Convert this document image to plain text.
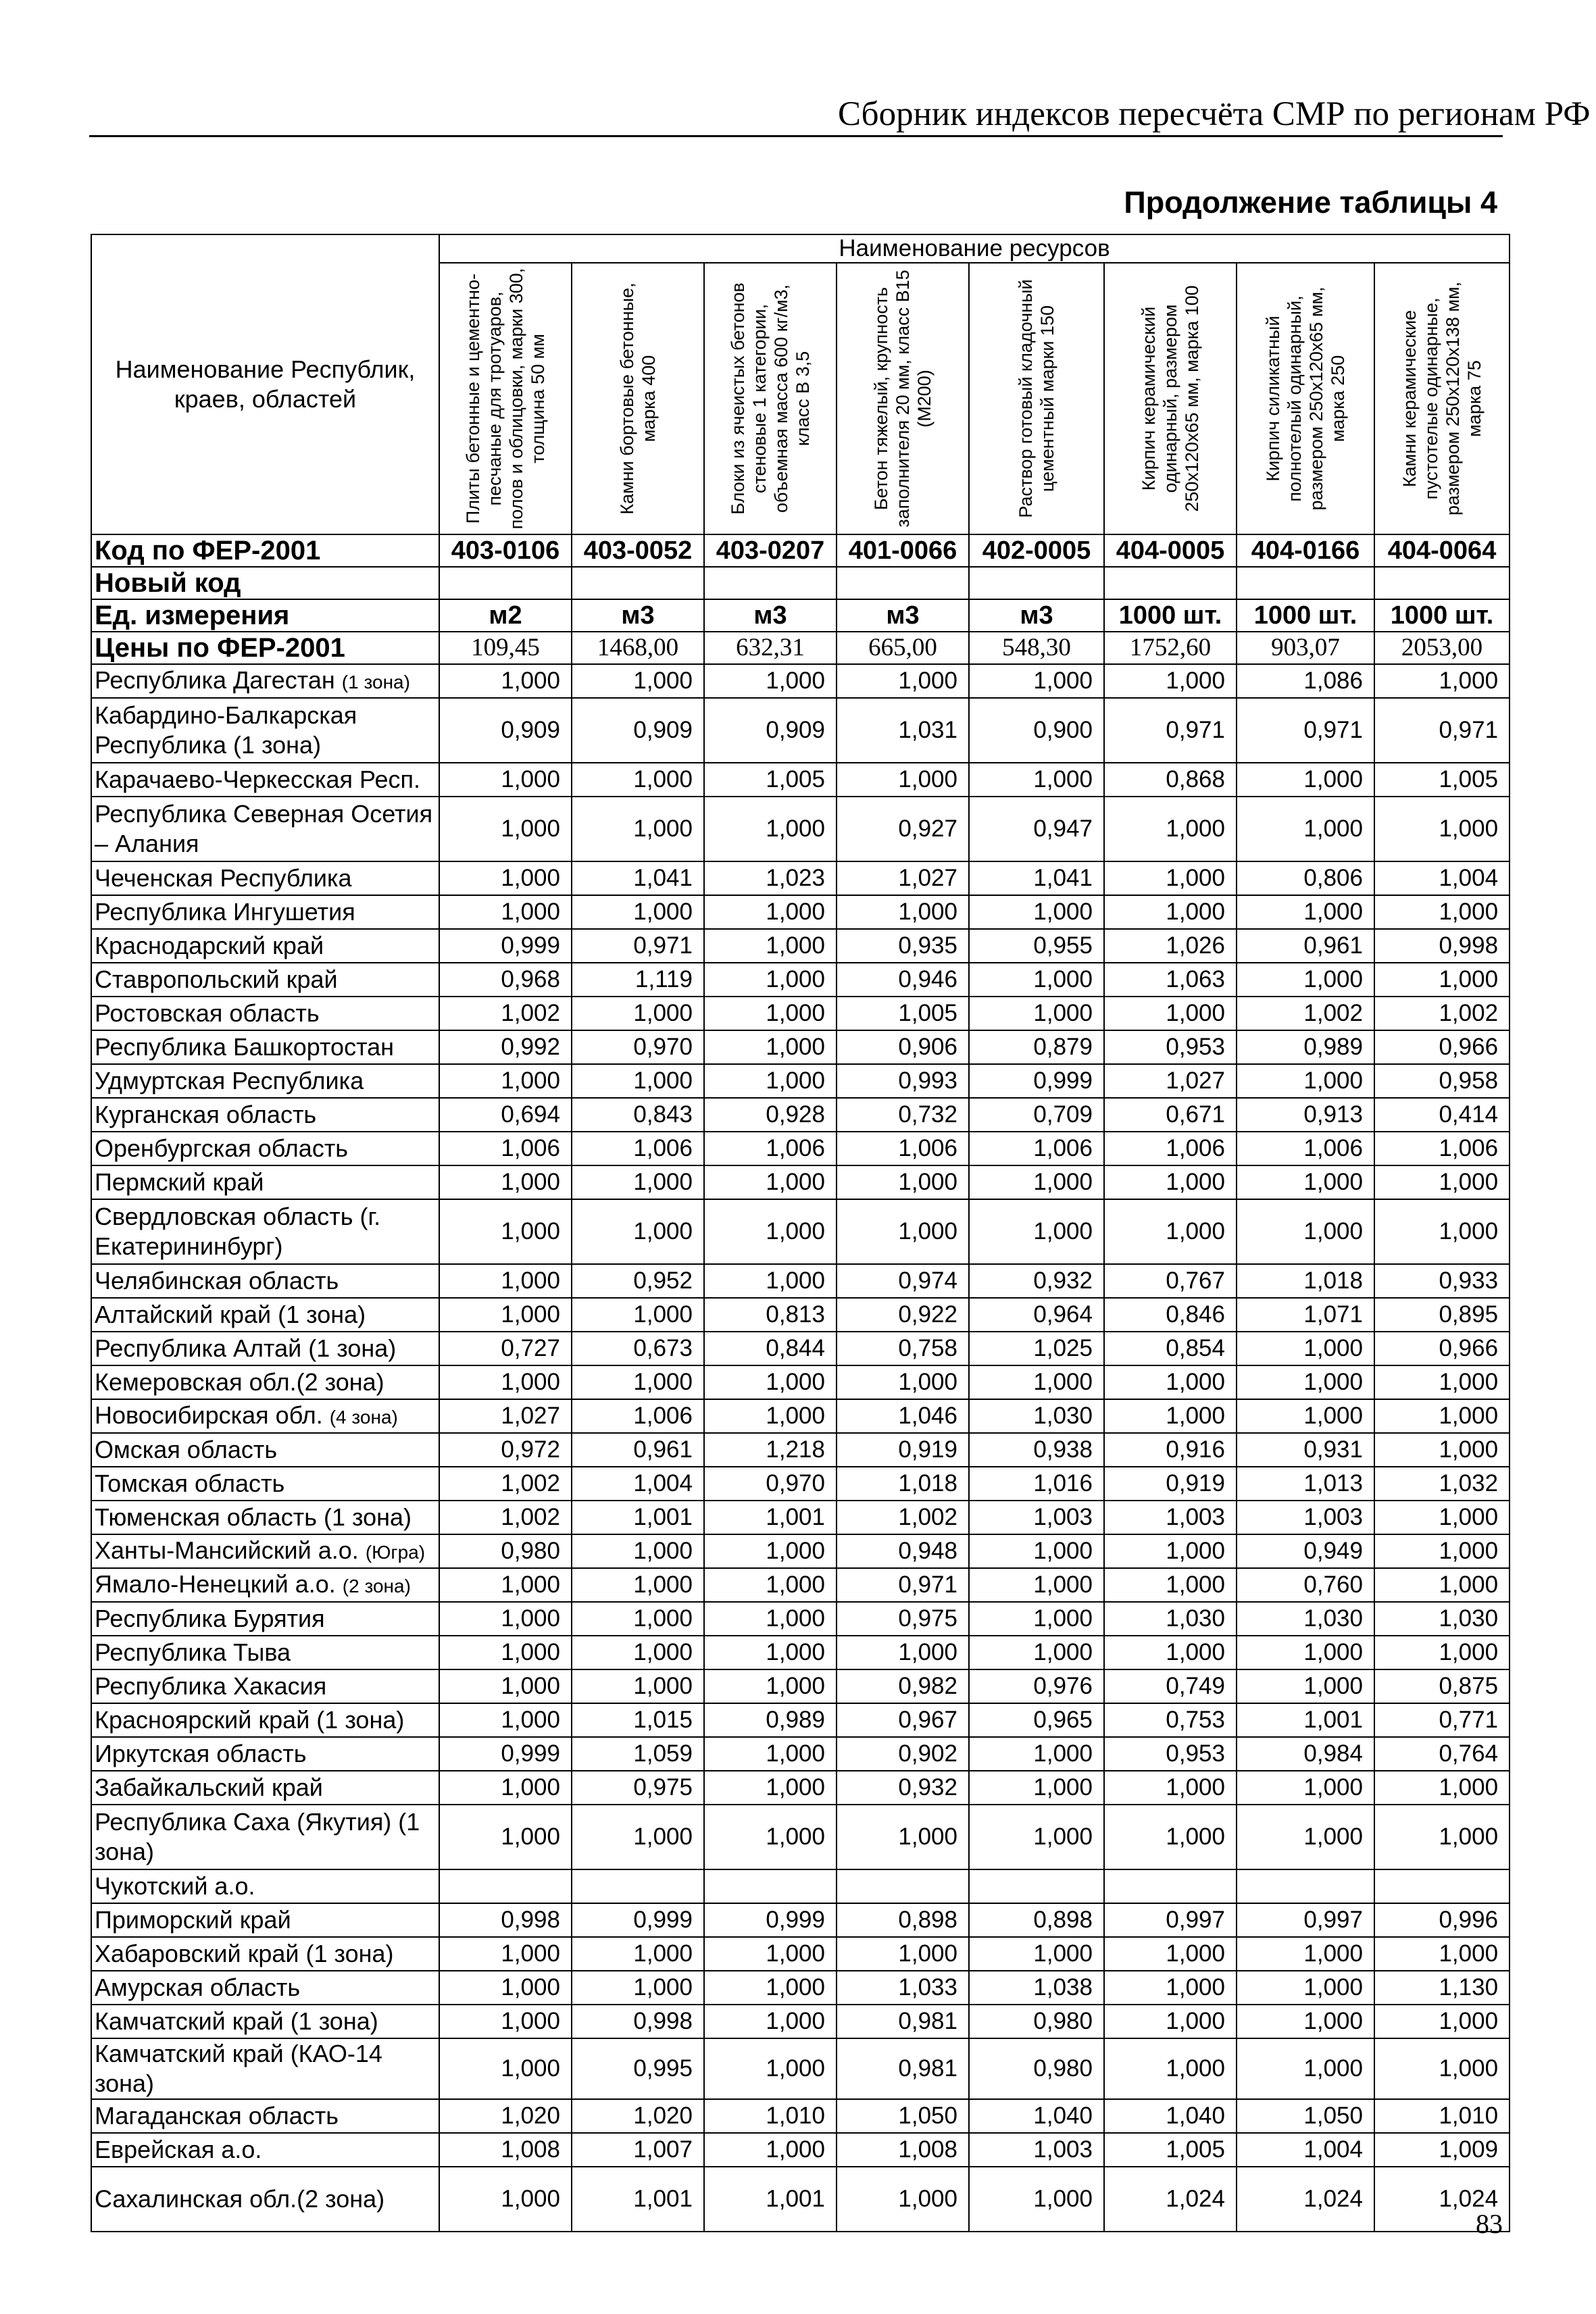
Сборник индексов пересчёта СМР по регионам РФ
Продолжение таблицы 4
Наименование Республик, краев, областей	Наименование ресурсов							

	Плиты бетонные и цементно-песчаные для тротуаров, полов и облицовки, марки 300, толщина 50 мм	Камни бортовые бетонные, марка 400	Блоки из ячеистых бетонов стеновые 1 категории, объемная масса 600 кг/м3, класс В 3,5	Бетон тяжелый, крупность заполнителя 20 мм, класс В15 (М200)	Раствор готовый кладочный цементный марки 150	Кирпич керамический одинарный, размером 250х120х65 мм, марка 100	Кирпич силикатный полнотелый одинарный, размером 250х120х65 мм, марка 250	Камни керамические пустотелые одинарные, размером 250х120х138 мм, марка 75

Код по ФЕР-2001	403-0106	403-0052	403-0207	401-0066	402-0005	404-0005	404-0166	404-0064
Новый код								
Ед. измерения	м2	м3	м3	м3	м3	1000 шт.	1000 шт.	1000 шт.
Цены по ФЕР-2001	109,45	1468,00	632,31	665,00	548,30	1752,60	903,07	2053,00
Республика Дагестан (1 зона)	1,000	1,000	1,000	1,000	1,000	1,000	1,086	1,000
Кабардино-Балкарская Республика (1 зона)	0,909	0,909	0,909	1,031	0,900	0,971	0,971	0,971
Карачаево-Черкесская Респ.	1,000	1,000	1,005	1,000	1,000	0,868	1,000	1,005
Республика Северная Осетия – Алания	1,000	1,000	1,000	0,927	0,947	1,000	1,000	1,000
Чеченская Республика	1,000	1,041	1,023	1,027	1,041	1,000	0,806	1,004
Республика Ингушетия	1,000	1,000	1,000	1,000	1,000	1,000	1,000	1,000
Краснодарский край	0,999	0,971	1,000	0,935	0,955	1,026	0,961	0,998
Ставропольский край	0,968	1,119	1,000	0,946	1,000	1,063	1,000	1,000
Ростовская область	1,002	1,000	1,000	1,005	1,000	1,000	1,002	1,002
Республика Башкортостан	0,992	0,970	1,000	0,906	0,879	0,953	0,989	0,966
Удмуртская Республика	1,000	1,000	1,000	0,993	0,999	1,027	1,000	0,958
Курганская область	0,694	0,843	0,928	0,732	0,709	0,671	0,913	0,414
Оренбургская область	1,006	1,006	1,006	1,006	1,006	1,006	1,006	1,006
Пермский край	1,000	1,000	1,000	1,000	1,000	1,000	1,000	1,000
Свердловская область (г. Екатерининбург)	1,000	1,000	1,000	1,000	1,000	1,000	1,000	1,000
Челябинская область	1,000	0,952	1,000	0,974	0,932	0,767	1,018	0,933
Алтайский край (1 зона)	1,000	1,000	0,813	0,922	0,964	0,846	1,071	0,895
Республика Алтай (1 зона)	0,727	0,673	0,844	0,758	1,025	0,854	1,000	0,966
Кемеровская обл.(2 зона)	1,000	1,000	1,000	1,000	1,000	1,000	1,000	1,000
Новосибирская обл. (4 зона)	1,027	1,006	1,000	1,046	1,030	1,000	1,000	1,000
Омская область	0,972	0,961	1,218	0,919	0,938	0,916	0,931	1,000
Томская область	1,002	1,004	0,970	1,018	1,016	0,919	1,013	1,032
Тюменская область (1 зона)	1,002	1,001	1,001	1,002	1,003	1,003	1,003	1,000
Ханты-Мансийский а.о. (Югра)	0,980	1,000	1,000	0,948	1,000	1,000	0,949	1,000
Ямало-Ненецкий а.о. (2 зона)	1,000	1,000	1,000	0,971	1,000	1,000	0,760	1,000
Республика Бурятия	1,000	1,000	1,000	0,975	1,000	1,030	1,030	1,030
Республика Тыва	1,000	1,000	1,000	1,000	1,000	1,000	1,000	1,000
Республика Хакасия	1,000	1,000	1,000	0,982	0,976	0,749	1,000	0,875
Красноярский край (1 зона)	1,000	1,015	0,989	0,967	0,965	0,753	1,001	0,771
Иркутская область	0,999	1,059	1,000	0,902	1,000	0,953	0,984	0,764
Забайкальский край	1,000	0,975	1,000	0,932	1,000	1,000	1,000	1,000
Республика Саха (Якутия) (1 зона)	1,000	1,000	1,000	1,000	1,000	1,000	1,000	1,000
Чукотский а.о.								
Приморский край	0,998	0,999	0,999	0,898	0,898	0,997	0,997	0,996
Хабаровский край (1 зона)	1,000	1,000	1,000	1,000	1,000	1,000	1,000	1,000
Амурская область	1,000	1,000	1,000	1,033	1,038	1,000	1,000	1,130
Камчатский край (1 зона)	1,000	0,998	1,000	0,981	0,980	1,000	1,000	1,000
Камчатский край (КАО-14 зона)	1,000	0,995	1,000	0,981	0,980	1,000	1,000	1,000
Магаданская область	1,020	1,020	1,010	1,050	1,040	1,040	1,050	1,010
Еврейская а.о.	1,008	1,007	1,000	1,008	1,003	1,005	1,004	1,009
Сахалинская обл.(2 зона)	1,000	1,001	1,001	1,000	1,000	1,024	1,024	1,024
83
